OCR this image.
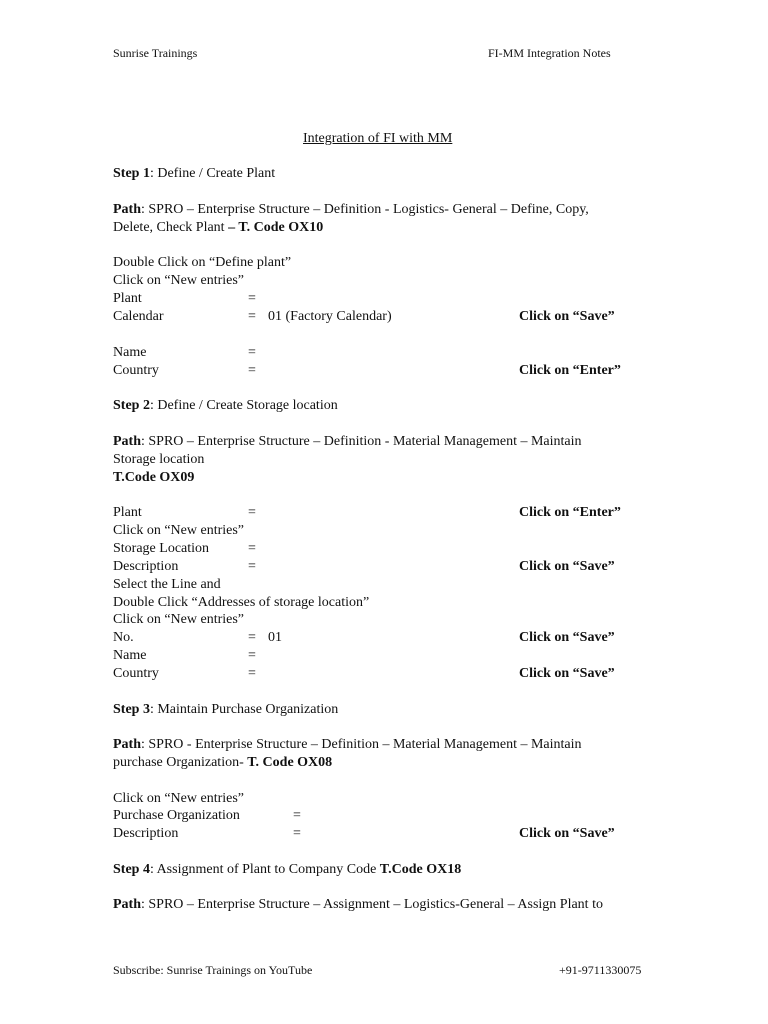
Sunrise Trainings	FI-MM Integration Notes
Integration of FI with MM
Step 1: Define / Create Plant
Path: SPRO – Enterprise Structure – Definition - Logistics- General – Define, Copy,
Delete, Check Plant – T. Code OX10
Double Click on “Define plant”
Click on “New entries”
Plant	=
Calendar	= 01 (Factory Calendar)	Click on “Save”
Name	=
Country	=	Click on “Enter”
Step 2: Define / Create Storage location
Path: SPRO – Enterprise Structure – Definition - Material Management – Maintain
Storage location
T.Code OX09
Plant	=	Click on “Enter”
Click on “New entries”
Storage Location	=
Description	=	Click on “Save”
Select the Line and
Double Click “Addresses of storage location”
Click on “New entries”
No.	= 01	Click on “Save”
Name	=
Country	=	Click on “Save”
Step 3: Maintain Purchase Organization
Path: SPRO - Enterprise Structure – Definition – Material Management – Maintain
purchase Organization- T. Code OX08
Click on “New entries”
Purchase Organization	=
Description	=	Click on “Save”
Step 4: Assignment of Plant to Company Code T.Code OX18
Path: SPRO – Enterprise Structure – Assignment – Logistics-General – Assign Plant to
Subscribe: Sunrise Trainings on YouTube	+91-9711330075
